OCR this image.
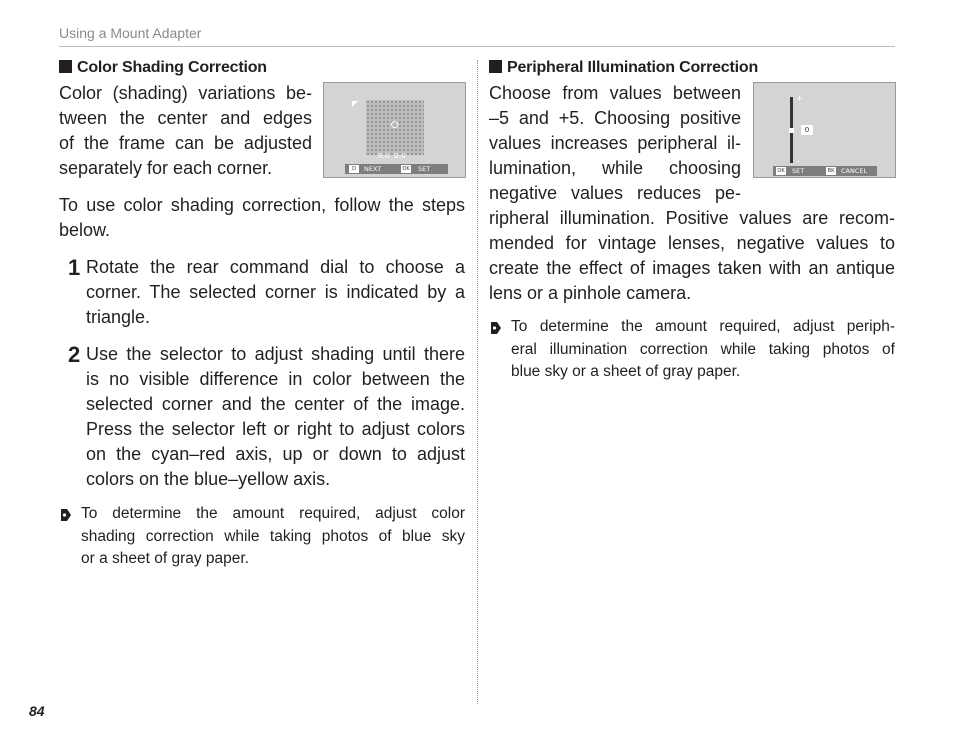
Using a Mount Adapter
Color Shading Correction
Color (shading) variations be-
tween the center and edges
of the frame can be adjusted
separately for each corner.
R:0  B:0
D	NEXT	OK SET
To use color shading correction, follow the steps
below.
1 Rotate the rear command dial to choose a
corner. The selected corner is indicated by a
triangle.
2 Use the selector to adjust shading until there
is no visible difference in color between the
selected corner and the center of the image.
Press the selector left or right to adjust colors
on the cyan–red axis, up or down to adjust
colors on the blue–yellow axis.
To determine the amount required, adjust color
shading correction while taking photos of blue sky
or a sheet of gray paper.
Peripheral Illumination Correction
Choose from values between
–5 and +5. Choosing positive
values increases peripheral il-
lumination, while choosing
negative values reduces pe-
+
0
–
OK SET	BK CANCEL
ripheral illumination. Positive values are recom-
mended for vintage lenses, negative values to
create the effect of images taken with an antique
lens or a pinhole camera.
To determine the amount required, adjust periph-
eral illumination correction while taking photos of
blue sky or a sheet of gray paper.
84
